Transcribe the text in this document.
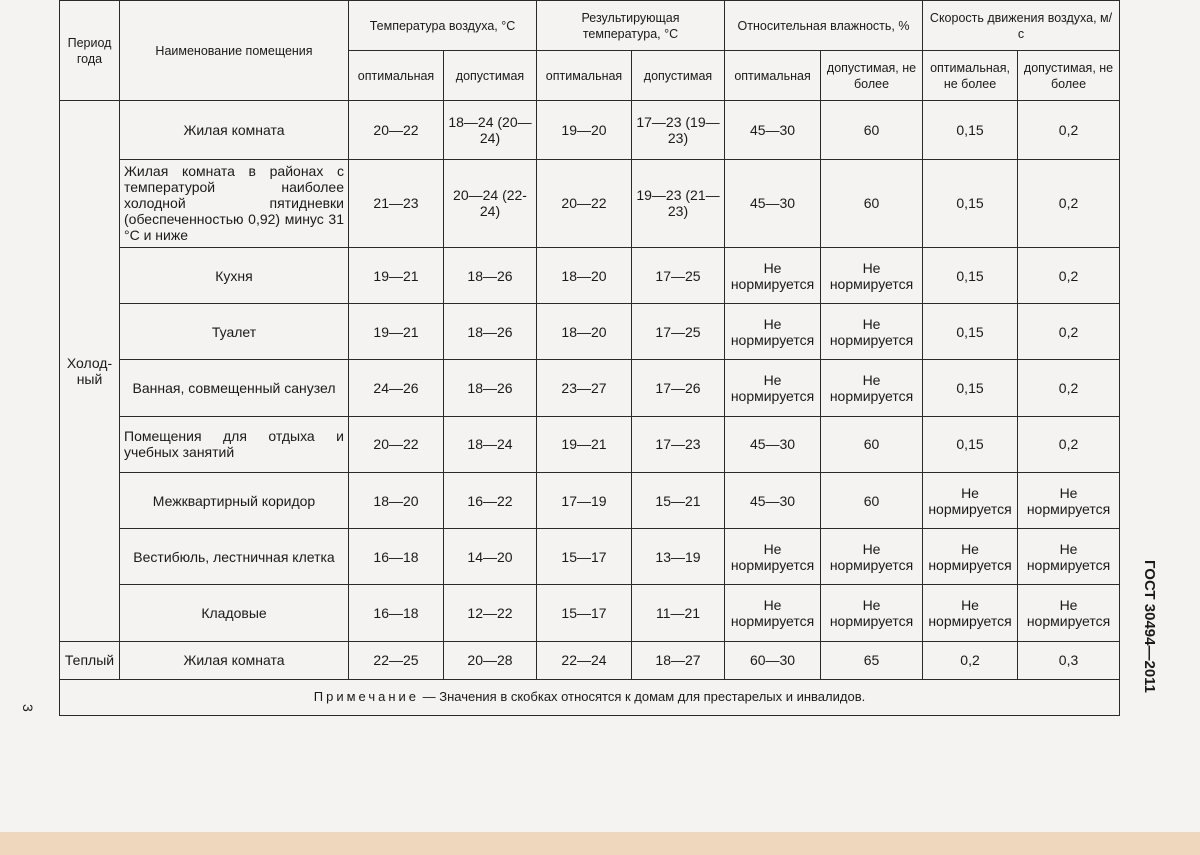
Период года	Наименование помещения	Температура воздуха, °С		Результирующая температура, °С		Относительная влажность, %		Скорость движения воздуха, м/с	
		оптимальная	допустимая	оптимальная	допустимая	оптимальная	допустимая, не более	оптимальная, не более	допустимая, не более
Холод-ный	Жилая комната	20—22	18—24 (20—24)	19—20	17—23 (19—23)	45—30	60	0,15	0,2
	Жилая комната в районах с температурой наиболее холодной пятидневки (обеспеченностью 0,92) минус 31 °С и ниже	21—23	20—24 (22-24)	20—22	19—23 (21—23)	45—30	60	0,15	0,2
	Кухня	19—21	18—26	18—20	17—25	Не нормируется	Не нормируется	0,15	0,2
	Туалет	19—21	18—26	18—20	17—25	Не нормируется	Не нормируется	0,15	0,2
	Ванная, совмещенный санузел	24—26	18—26	23—27	17—26	Не нормируется	Не нормируется	0,15	0,2
	Помещения для отдыха и учебных занятий	20—22	18—24	19—21	17—23	45—30	60	0,15	0,2
	Межквартирный коридор	18—20	16—22	17—19	15—21	45—30	60	Не нормируется	Не нормируется
	Вестибюль, лестничная клетка	16—18	14—20	15—17	13—19	Не нормируется	Не нормируется	Не нормируется	Не нормируется
	Кладовые	16—18	12—22	15—17	11—21	Не нормируется	Не нормируется	Не нормируется	Не нормируется
Теплый	Жилая комната	22—25	20—28	22—24	18—27	60—30	65	0,2	0,3
Примечание — Значения в скобках относятся к домам для престарелых и инвалидов.									
ГОСТ 30494—2011
3
